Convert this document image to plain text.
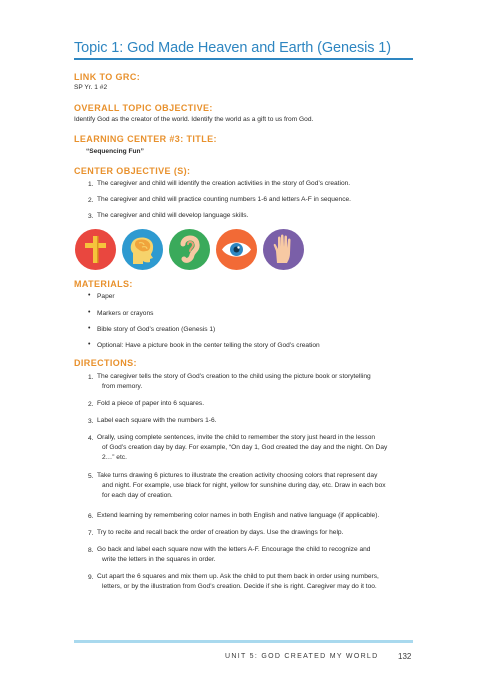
Topic 1: God Made Heaven and Earth (Genesis 1)
LINK TO GRC:
SP Yr. 1 #2
OVERALL TOPIC OBJECTIVE:
Identify God as the creator of the world. Identify the world as a gift to us from God.
LEARNING CENTER #3: TITLE:
“Sequencing Fun”
CENTER OBJECTIVE (S):
1. The caregiver and child will identify the creation activities in the story of God’s creation.
2. The caregiver and child will practice counting numbers 1-6 and letters A-F in sequence.
3. The caregiver and child will develop language skills.
MATERIALS:
• Paper
• Markers or crayons
• Bible story of God’s creation (Genesis 1)
• Optional: Have a picture book in the center telling the story of God’s creation
DIRECTIONS:
1. The caregiver tells the story of God’s creation to the child using the picture book or storytelling
from memory.
2. Fold a piece of paper into 6 squares.
3. Label each square with the numbers 1-6.
4. Orally, using complete sentences, invite the child to remember the story just heard in the lesson
of God’s creation day by day. For example, “On day 1, God created the day and the night. On Day
2…” etc.
5. Take turns drawing 6 pictures to illustrate the creation activity choosing colors that represent day
and night. For example, use black for night, yellow for sunshine during day, etc. Draw in each box
for each day of creation.
6. Extend learning by remembering color names in both English and native language (if applicable).
7. Try to recite and recall back the order of creation by days. Use the drawings for help.
8. Go back and label each square now with the letters A-F. Encourage the child to recognize and
write the letters in the squares in order.
9. Cut apart the 6 squares and mix them up. Ask the child to put them back in order using numbers,
letters, or by the illustration from God’s creation. Decide if she is right. Caregiver may do it too.
UNIT 5: GOD CREATED MY WORLD 132
